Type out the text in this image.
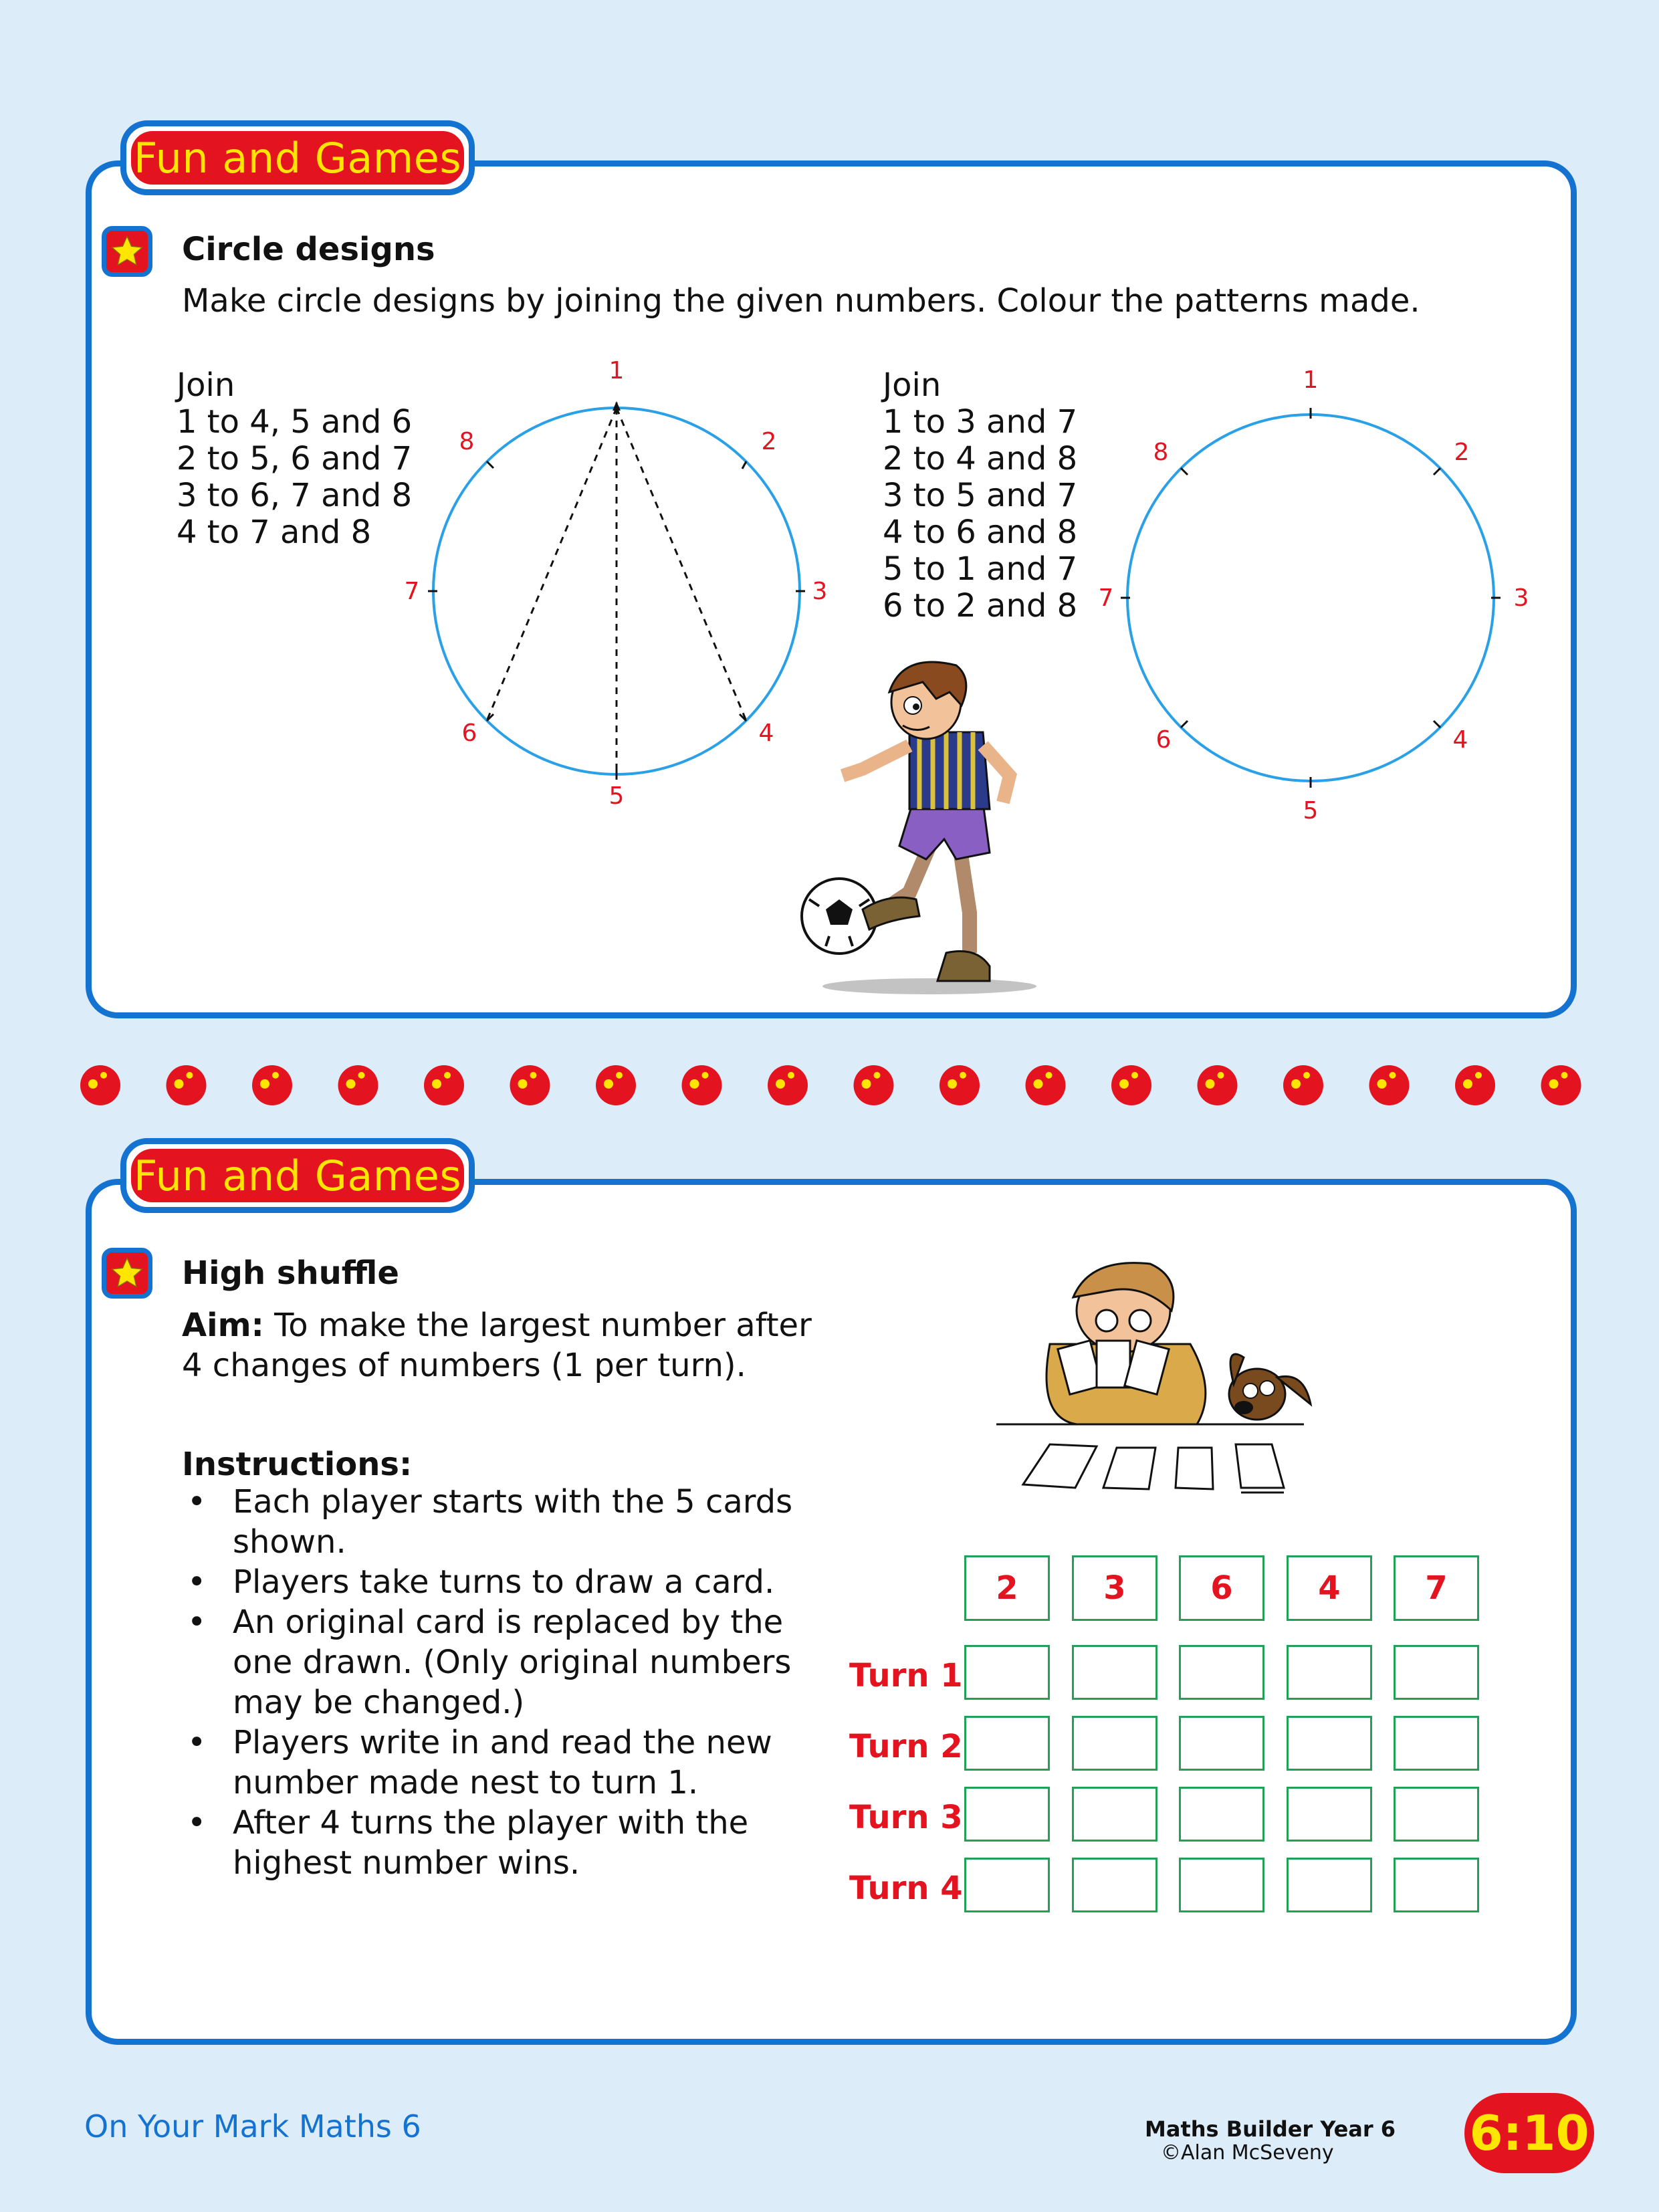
Fun and Games
Circle designs
Make circle designs by joining the given numbers. Colour the patterns made.
Join
1 to 4, 5 and 6
2 to 5, 6 and 7
3 to 6, 7 and 8
4 to 7 and 8
Join
1 to 3 and 7
2 to 4 and 8
3 to 5 and 7
4 to 6 and 8
5 to 1 and 7
6 to 2 and 8
1
2
3
4
5
6
7
8
1
2
3
4
5
6
7
8
Fun and Games
High shuffle
Aim: To make the largest number after
4 changes of numbers (1 per turn).
Instructions:
• Each player starts with the 5 cards shown.
• Players take turns to draw a card.
• An original card is replaced by the one drawn. (Only original numbers may be changed.)
• Players write in and read the new number made nest to turn 1.
• After 4 turns the player with the highest number wins.
2	3	6	4	7
Turn 1
Turn 2
Turn 3
Turn 4
On Your Mark Maths 6	Maths Builder Year 6
©Alan McSeveny	6:10
